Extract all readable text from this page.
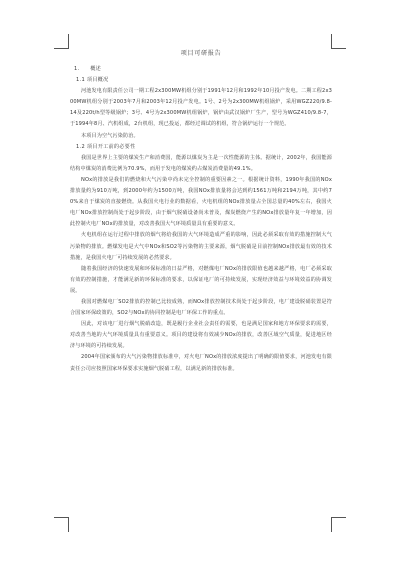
项目可研报告
1.　　概述
1.1 项目概况

河池发电有限责任公司一期工程2x300MW机组分别于1991年12月和1992年10月投产发电。二期工程2x300MW机组分别于2003年7月和2003年12月投产发电。1号、2号为2x300MW机组锅炉，采用WGZ220/9.8-14及220t/h型等级锅炉；3号、4号为2x300MW机组锅炉，锅炉由武汉锅炉厂生产，型号为WGZ410/9.8-7，于1994年8月、汽机组成，2台机组，现已投运，都经过调试的机组，符合锅炉运行一个规范。

本项目为空气污染防治。

1.2 项目开工前的必要性

我国是世界上主要的煤炭生产和消费国，能源以煤炭为主是一次性能源的主体。据统计，2002年，我国能源结构中煤炭的消费比例为70.9%，而用于发电的煤炭约占煤炭消费量的49.1%。

NOx的排放是我们的燃烧和大气污染中尚未完全控制的重要因素之一。根据统计资料，1990年我国的NOx排放量约为910万吨，到2000年约为1500万吨，我国NOx排放量将会达到约1561万吨和2194万吨，其中约70%来自于煤炭的直接燃烧。从我国火电行业的数据看，火电机组的NOx排放量占全国总量的40%左右，我国火电厂NOx排放控制尚处于起步阶段，由于烟气脱硝设备尚未普及，煤炭燃烧产生的NOx排放量年复一年增加，因此控制火电厂NOx的排放量，对改善我国大气环境质量具有重要的意义。

火电机组在运行过程中排放的烟气将给我国的大气环境造成严重的影响，因此必须采取有效的措施控制大气污染物的排放。燃煤发电是大气中NOx和SO2等污染物的主要来源，烟气脱硝是目前控制NOx排放最有效的技术措施，是我国火电厂可持续发展的必然要求。

随着我国经济的快速发展和环保标准的日益严格，对燃煤电厂NOx的排放限值也越来越严格，电厂必须采取有效的控制措施，才能满足新的环保标准的要求，以保证电厂的可持续发展，实现经济效益与环境效益的协调发展。

我国对燃煤电厂SO2排放的控制已比较成熟，而NOx排放控制技术尚处于起步阶段，电厂建设脱硝装置是符合国家环保政策的，SO2与NOx的协同控制是电厂环保工作的重点。

因此，对该电厂进行烟气脱硝改造，既是履行企业社会责任的需要，也是满足国家和地方环保要求的需要，对改善当地的大气环境质量具有重要意义。项目的建设将有效减少NOx的排放，改善区域空气质量，促进地区经济与环境的可持续发展。

2004年国家颁布的大气污染物排放标准中，对火电厂NOx的排放浓度提出了明确的限值要求，河池发电有限责任公司应按照国家环保要求实施烟气脱硝工程，以满足新的排放标准。
